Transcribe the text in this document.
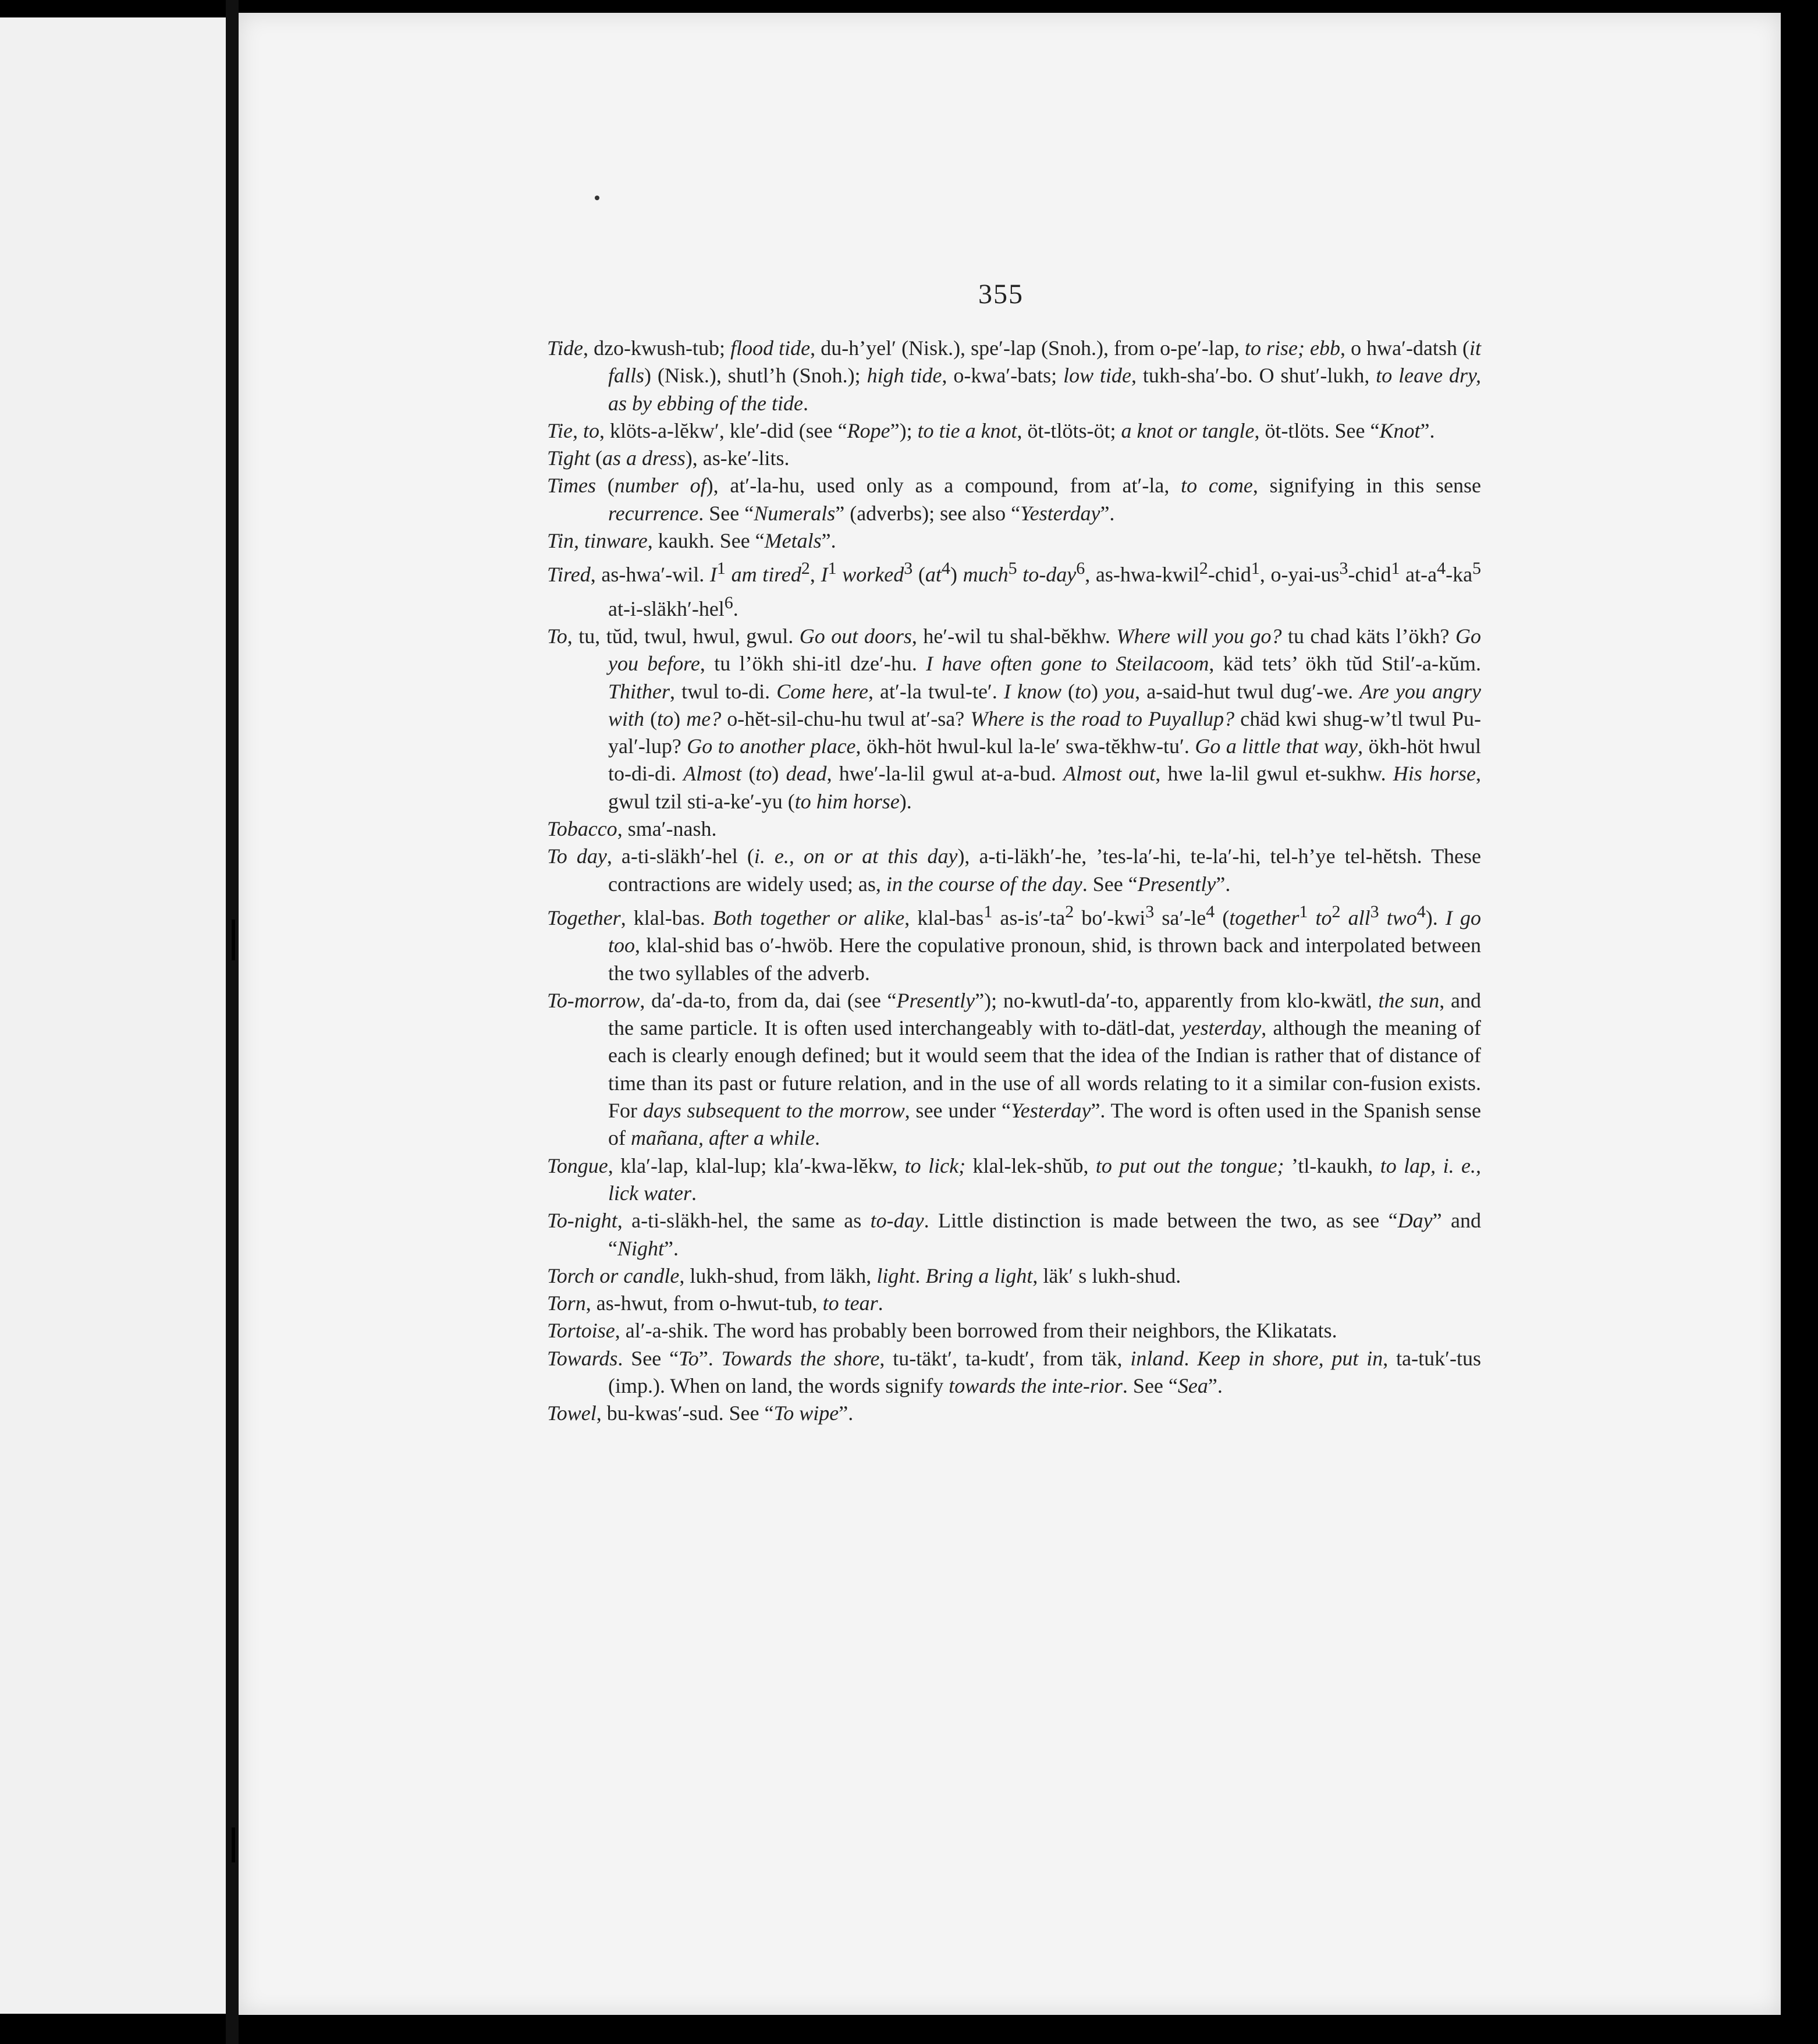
355

Tide, dzo-kwush-tub; flood tide, du-h’yel′ (Nisk.), spe′-lap (Snoh.), from o-pe′-lap, to rise; ebb, o hwa′-datsh (it falls) (Nisk.), shutl’h (Snoh.); high tide, o-kwa′-bats; low tide, tukh-sha′-bo. O shut′-lukh, to leave dry, as by ebbing of the tide.

Tie, to, klöts-a-lĕkw′, kle′-did (see “Rope”); to tie a knot, öt-tlöts-öt; a knot or tangle, öt-tlöts. See “Knot”.

Tight (as a dress), as-ke′-lits.

Times (number of), at′-la-hu, used only as a compound, from at′-la, to come, signifying in this sense recurrence. See “Numerals” (adverbs); see also “Yesterday”.

Tin, tinware, kaukh. See “Metals”.

Tired, as-hwa′-wil. $I^1$ am tired$^2$, $I^1$ worked$^3$ $(at^4)$ much$^5$ to-day$^6$, as-hwa-kwil$^2$-chid$^1$, $o-yai-us^3-chid^1$ $at-a^4-ka^5$ at-i-släkh′-hel$^6$.

To, tu, tŭd, twul, hwul, gwul. Go out doors, he′-wil tu shal-bĕkhw. Where will you go? tu chad käts l’ökh? Go you before, tu l’ökh shi-itl dze′-hu. I have often gone to Steilacoom, käd tets’ ökh tŭd Stil′-a-kŭm. Thither, twul to-di. Come here, at′-la twul-te′. I know (to) you, a-said-hut twul dug′-we. Are you angry with (to) me? o-hĕt-sil-chu-hu twul at′-sa? Where is the road to Puyallup? chäd kwi shug-w’tl twul Pu-yal′-lup? Go to another place, ökh-höt hwul-kul la-le′ swa-tĕkhw-tu′. Go a little that way, ökh-höt hwul to-di-di. Almost (to) dead, hwe′-la-lil gwul at-a-bud. Almost out, hwe la-lil gwul et-sukhw. His horse, gwul tzil sti-a-ke′-yu (to him horse).

Tobacco, sma′-nash.

To day, a-ti-släkh′-hel (i. e., on or at this day), a-ti-läkh′-he, ’tes-la′-hi, te-la′-hi, tel-h’ye tel-hĕtsh. These contractions are widely used; as, in the course of the day. See “Presently”.

Together, klal-bas. Both together or alike, klal-bas$^1$ $as-is'-ta^2$ bo′-kwi$^3$ $sa'-le^4$ (together$^1$ $to^2$ all$^3$ two$^4$). I go too, klal-shid bas o′-hwöb. Here the copulative pronoun, shid, is thrown back and interpolated between the two syllables of the adverb.

To-morrow, da′-da-to, from da, dai (see “Presently”); no-kwutl-da′-to, apparently from klo-kwätl, the sun, and the same particle. It is often used interchangeably with to-dätl-dat, yesterday, although the meaning of each is clearly enough defined; but it would seem that the idea of the Indian is rather that of distance of time than its past or future relation, and in the use of all words relating to it a similar con-fusion exists. For days subsequent to the morrow, see under “Yesterday”. The word is often used in the Spanish sense of mañana, after a while.

Tongue, kla′-lap, klal-lup; kla′-kwa-lĕkw, to lick; klal-lek-shŭb, to put out the tongue; ’tl-kaukh, to lap, i. e., lick water.

To-night, a-ti-släkh-hel, the same as to-day. Little distinction is made between the two, as see “Day” and “Night”.

Torch or candle, lukh-shud, from läkh, light. Bring a light, läk′ s lukh-shud.

Torn, as-hwut, from o-hwut-tub, to tear.

Tortoise, al′-a-shik. The word has probably been borrowed from their neighbors, the Klikatats.

Towards. See “To”. Towards the shore, tu-täkt′, ta-kudt′, from täk, inland. Keep in shore, put in, ta-tuk′-tus (imp.). When on land, the words signify towards the inte-rior. See “Sea”.

Towel, bu-kwas′-sud. See “To wipe”.
